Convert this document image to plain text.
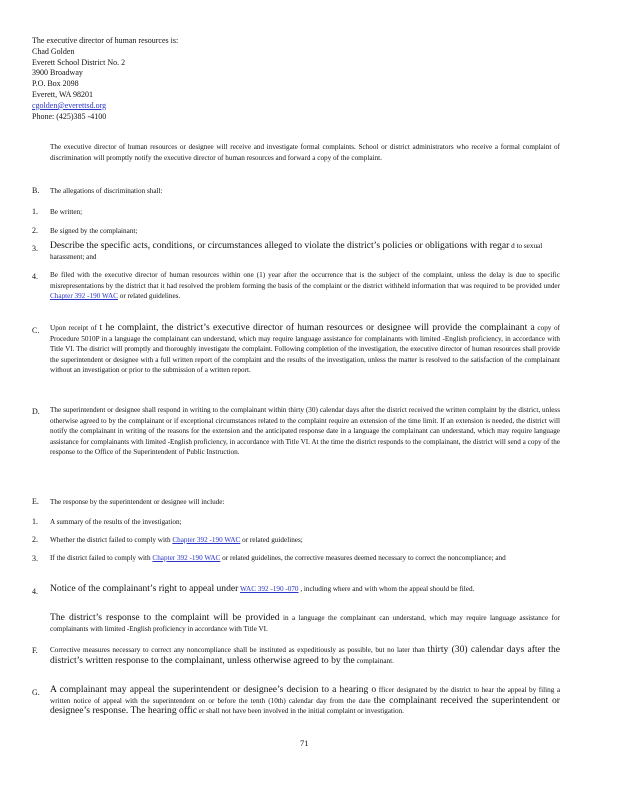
The executive director of human resources is:
Chad Golden
Everett School District No. 2
3900 Broadway
P.O. Box 2098
Everett, WA 98201
cgolden@everettsd.org
Phone: (425)385 -4100
The executive director of human resources or designee will receive and investigate formal complaints. School or district administrators who receive a formal complaint of discrimination will promptly notify the executive director of human resources and forward a copy of the complaint.
B. The allegations of discrimination shall:
1. Be written;
2. Be signed by the complainant;
3. Describe the specific acts, conditions, or circumstances alleged to violate the district’s policies or obligations with regar d to sexual harassment; and
4. Be filed with the executive director of human resources within one (1) year after the occurrence that is the subject of the complaint, unless the delay is due to specific misrepresentations by the district that it had resolved the problem forming the basis of the complaint or the district withheld information that was required to be provided under Chapter 392 -190 WAC or related guidelines.
C. Upon receipt of t he complaint, the district’s executive director of human resources or designee will provide the complainant a copy of Procedure 5010P in a language the complainant can understand, which may require language assistance for complainants with limited -English proficiency, in accordance with Title VI. The district will promptly and thoroughly investigate the complaint. Following completion of the investigation, the executive director of human resources shall provide the superintendent or designee with a full written report of the complaint and the results of the investigation, unless the matter is resolved to the satisfaction of the complainant without an investigation or prior to the submission of a written report.
D. The superintendent or designee shall respond in writing to the complainant within thirty (30) calendar days after the district received the written complaint by the district, unless otherwise agreed to by the complainant or if exceptional circumstances related to the complaint require an extension of the time limit. If an extension is needed, the district will notify the complainant in writing of the reasons for the extension and the anticipated response date in a language the complainant can understand, which may require language assistance for complainants with limited -English proficiency, in accordance with Title VI. At the time the district responds to the complainant, the district will send a copy of the response to the Office of the Superintendent of Public Instruction.
E. The response by the superintendent or designee will include:
1. A summary of the results of the investigation;
2. Whether the district failed to comply with Chapter 392 -190 WAC or related guidelines;
3. If the district failed to comply with Chapter 392 -190 WAC or related guidelines, the corrective measures deemed necessary to correct the noncompliance; and
4. Notice of the complainant’s right to appeal under WAC 392 -190 -070 , including where and with whom the appeal should be filed.
The district’s response to the complaint will be provided in a language the complainant can understand, which may require language assistance for complainants with limited -English proficiency in accordance with Title VI.
F. Corrective measures necessary to correct any noncompliance shall be instituted as expeditiously as possible, but no later than thirty (30) calendar days after the district’s written response to the complainant, unless otherwise agreed to by the complainant.
G. A complainant may appeal the superintendent or designee’s decision to a hearing o fficer designated by the district to hear the appeal by filing a written notice of appeal with the superintendent on or before the tenth (10th) calendar day from the date the complainant received the superintendent or designee’s response. The hearing offic er shall not have been involved in the initial complaint or investigation.
71
